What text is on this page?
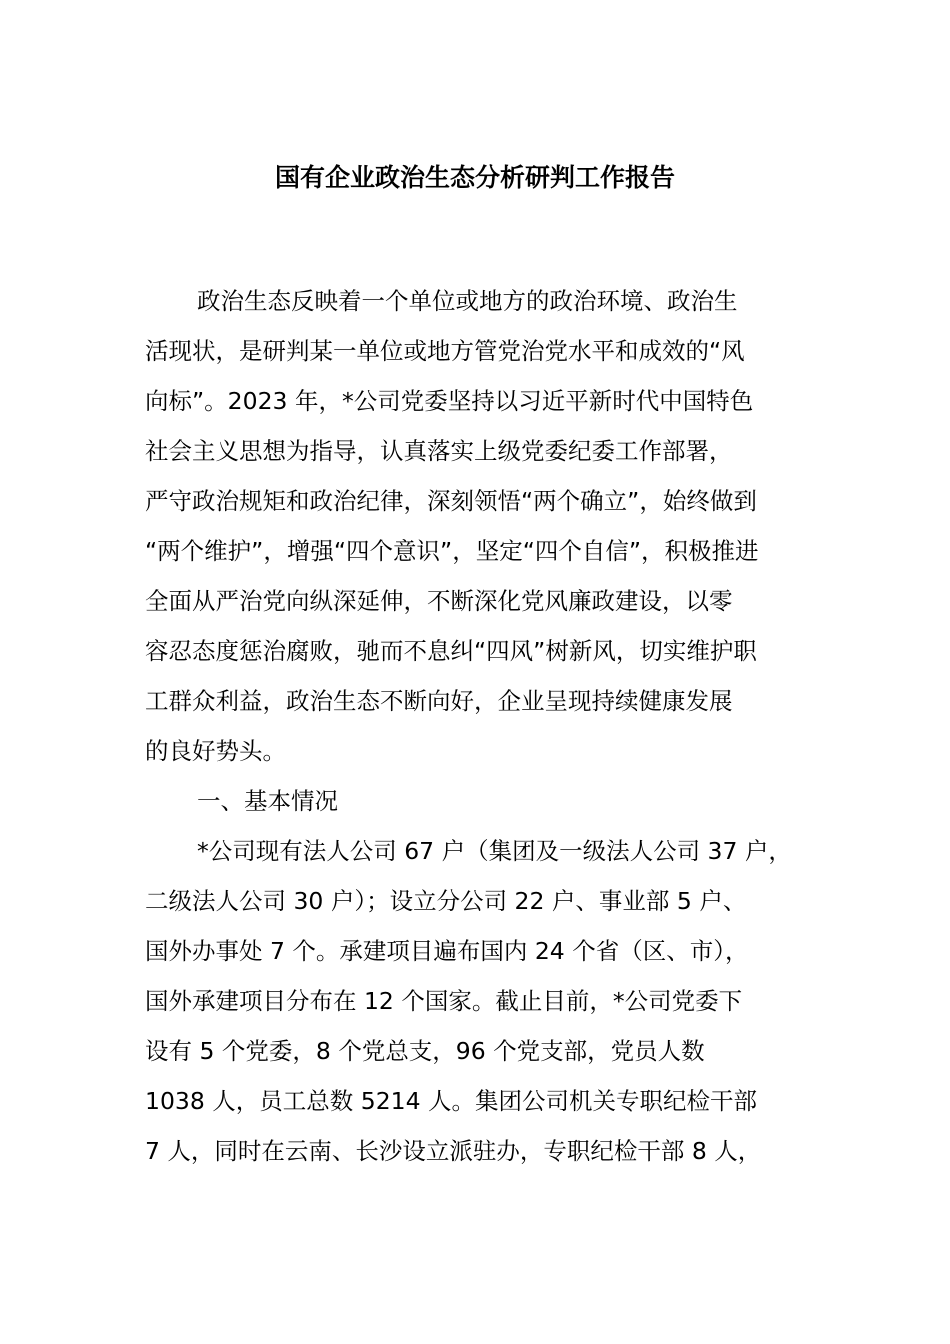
国有企业政治生态分析研判工作报告
政治生态反映着一个单位或地方的政治环境、政治生
活现状，是研判某一单位或地方管党治党水平和成效的“风
向标”。2023 年，*公司党委坚持以习近平新时代中国特色
社会主义思想为指导，认真落实上级党委纪委工作部署，
严守政治规矩和政治纪律，深刻领悟“两个确立”，始终做到
“两个维护”，增强“四个意识”，坚定“四个自信”，积极推进
全面从严治党向纵深延伸，不断深化党风廉政建设，以零
容忍态度惩治腐败，驰而不息纠“四风”树新风，切实维护职
工群众利益，政治生态不断向好，企业呈现持续健康发展
的良好势头。
一、基本情况
*公司现有法人公司 67 户（集团及一级法人公司 37 户，
二级法人公司 30 户）；设立分公司 22 户、事业部 5 户、
国外办事处 7 个。承建项目遍布国内 24 个省（区、市），
国外承建项目分布在 12 个国家。截止目前，*公司党委下
设有 5 个党委，8 个党总支，96 个党支部，党员人数
1038 人，员工总数 5214 人。集团公司机关专职纪检干部
7 人，同时在云南、长沙设立派驻办，专职纪检干部 8 人，
